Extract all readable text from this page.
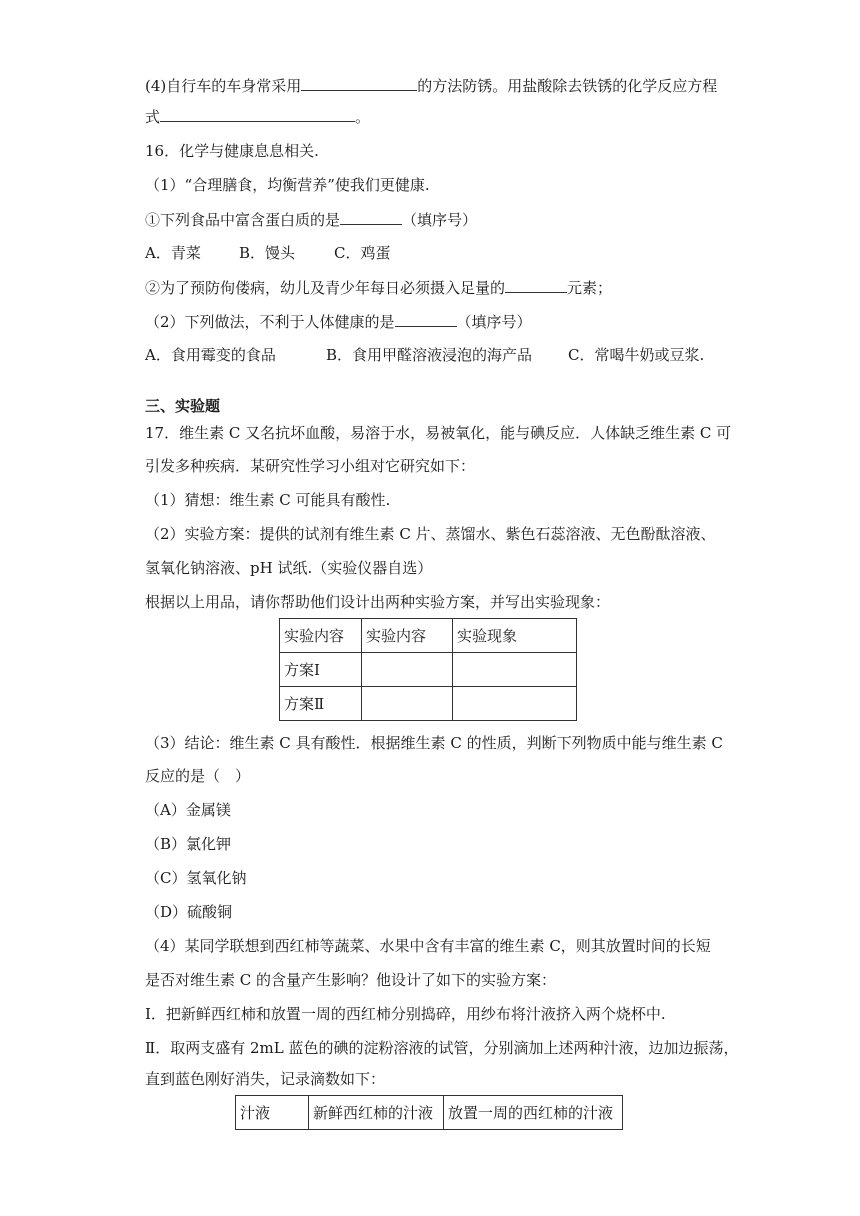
(4)自行车的车身常采用	的方法防锈。用盐酸除去铁锈的化学反应方程
式	。
16．化学与健康息息相关.
（1）“合理膳食，均衡营养”使我们更健康.
①下列食品中富含蛋白质的是	（填序号）
A．青菜	B．馒头	C．鸡蛋
②为了预防佝偻病，幼儿及青少年每日必须摄入足量的	元素；
（2）下列做法，不利于人体健康的是	（填序号）
A．食用霉变的食品	B．食用甲醛溶液浸泡的海产品 C．常喝牛奶或豆浆.
三、实验题
17．维生素 C 又名抗坏血酸，易溶于水，易被氧化，能与碘反应．人体缺乏维生素 C 可
引发多种疾病．某研究性学习小组对它研究如下：
（1）猜想：维生素 C 可能具有酸性.
（2）实验方案：提供的试剂有维生素 C 片、蒸馏水、紫色石蕊溶液、无色酚酞溶液、
氢氧化钠溶液、pH 试纸.（实验仪器自选）
根据以上用品，请你帮助他们设计出两种实验方案，并写出实验现象：
实验内容	实验内容	实验现象
方案Ⅰ		
方案Ⅱ		
（3）结论：维生素 C 具有酸性．根据维生素 C 的性质，判断下列物质中能与维生素 C
反应的是（　）
（A）金属镁
（B）氯化钾
（C）氢氧化钠
（D）硫酸铜
（4）某同学联想到西红柿等蔬菜、水果中含有丰富的维生素 C，则其放置时间的长短
是否对维生素 C 的含量产生影响？他设计了如下的实验方案：
Ⅰ．把新鲜西红柿和放置一周的西红柿分别捣碎，用纱布将汁液挤入两个烧杯中.
Ⅱ．取两支盛有 2mL 蓝色的碘的淀粉溶液的试管，分别滴加上述两种汁液，边加边振荡，
直到蓝色刚好消失，记录滴数如下：
汁液	新鲜西红柿的汁液	放置一周的西红柿的汁液
